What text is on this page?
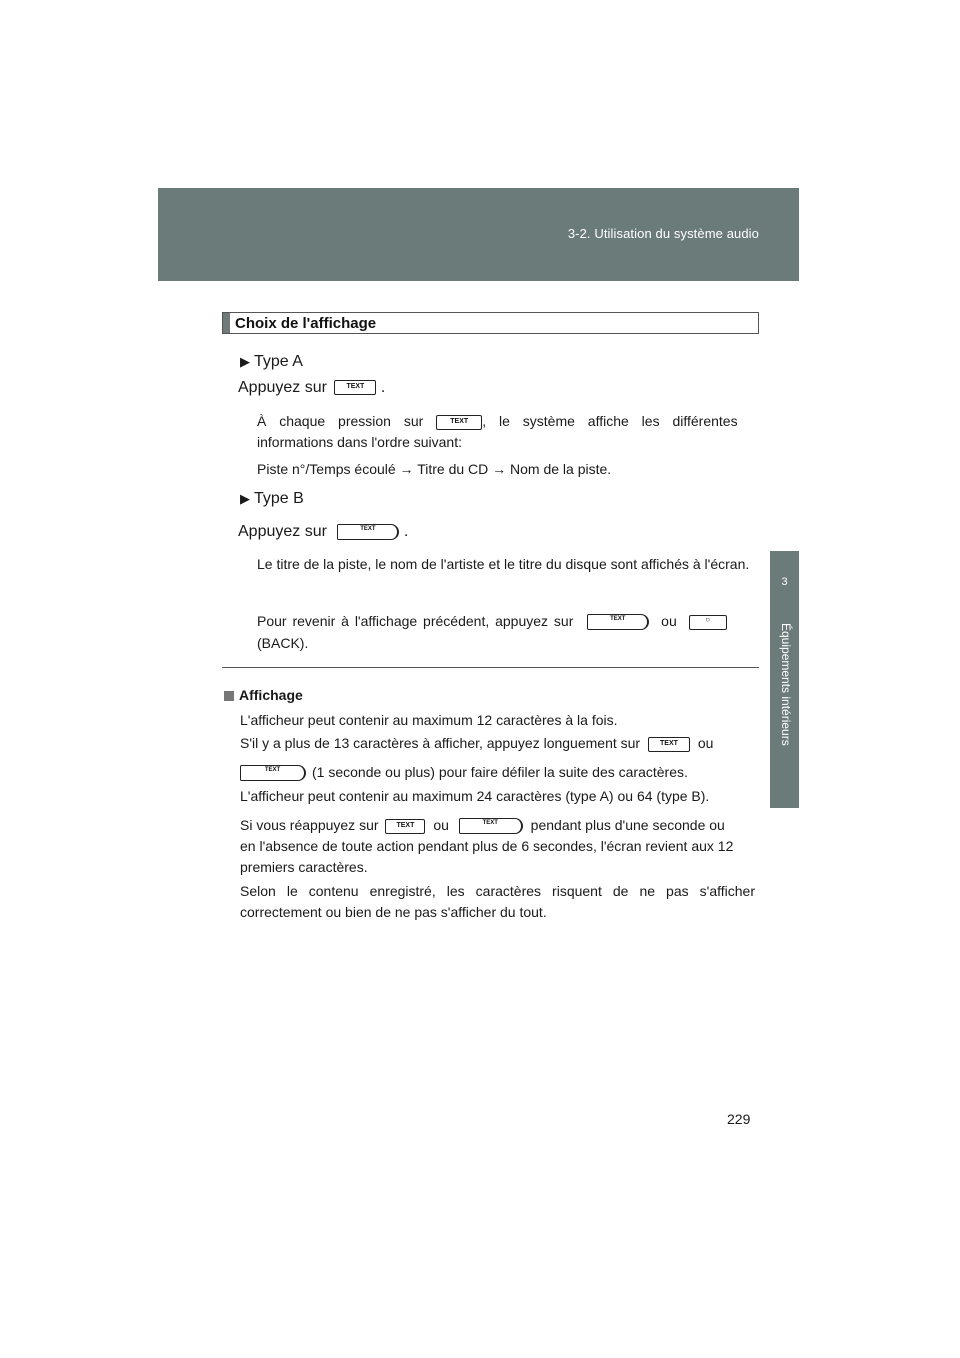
3-2. Utilisation du système audio
3
Équipements intérieurs
Choix de l'affichage

▶ Type A

Appuyez sur	TEXT .

À chaque pression sur	TEXT , le système affiche les différentes

informations dans l'ordre suivant:

Piste n°/Temps écoulé → Titre du CD → Nom de la piste.

▶ Type B

Appuyez sur	TEXT .

Le titre de la piste, le nom de l'artiste et le titre du disque sont affichés à l'écran.

Pour revenir à l'affichage précédent, appuyez sur	TEXT	ou	○

(BACK).

Affichage

L'afficheur peut contenir au maximum 12 caractères à la fois.

S'il y a plus de 13 caractères à afficher, appuyez longuement sur	TEXT ou

TEXT (1 seconde ou plus) pour faire défiler la suite des caractères.

L'afficheur peut contenir au maximum 24 caractères (type A) ou 64 (type B).

Si vous réappuyez sur	TEXT ou	TEXT pendant plus d'une seconde ou

en l'absence de toute action pendant plus de 6 secondes, l'écran revient aux 12 premiers caractères.

Selon le contenu enregistré, les caractères risquent de ne pas s'afficher correctement ou bien de ne pas s'afficher du tout.

229
